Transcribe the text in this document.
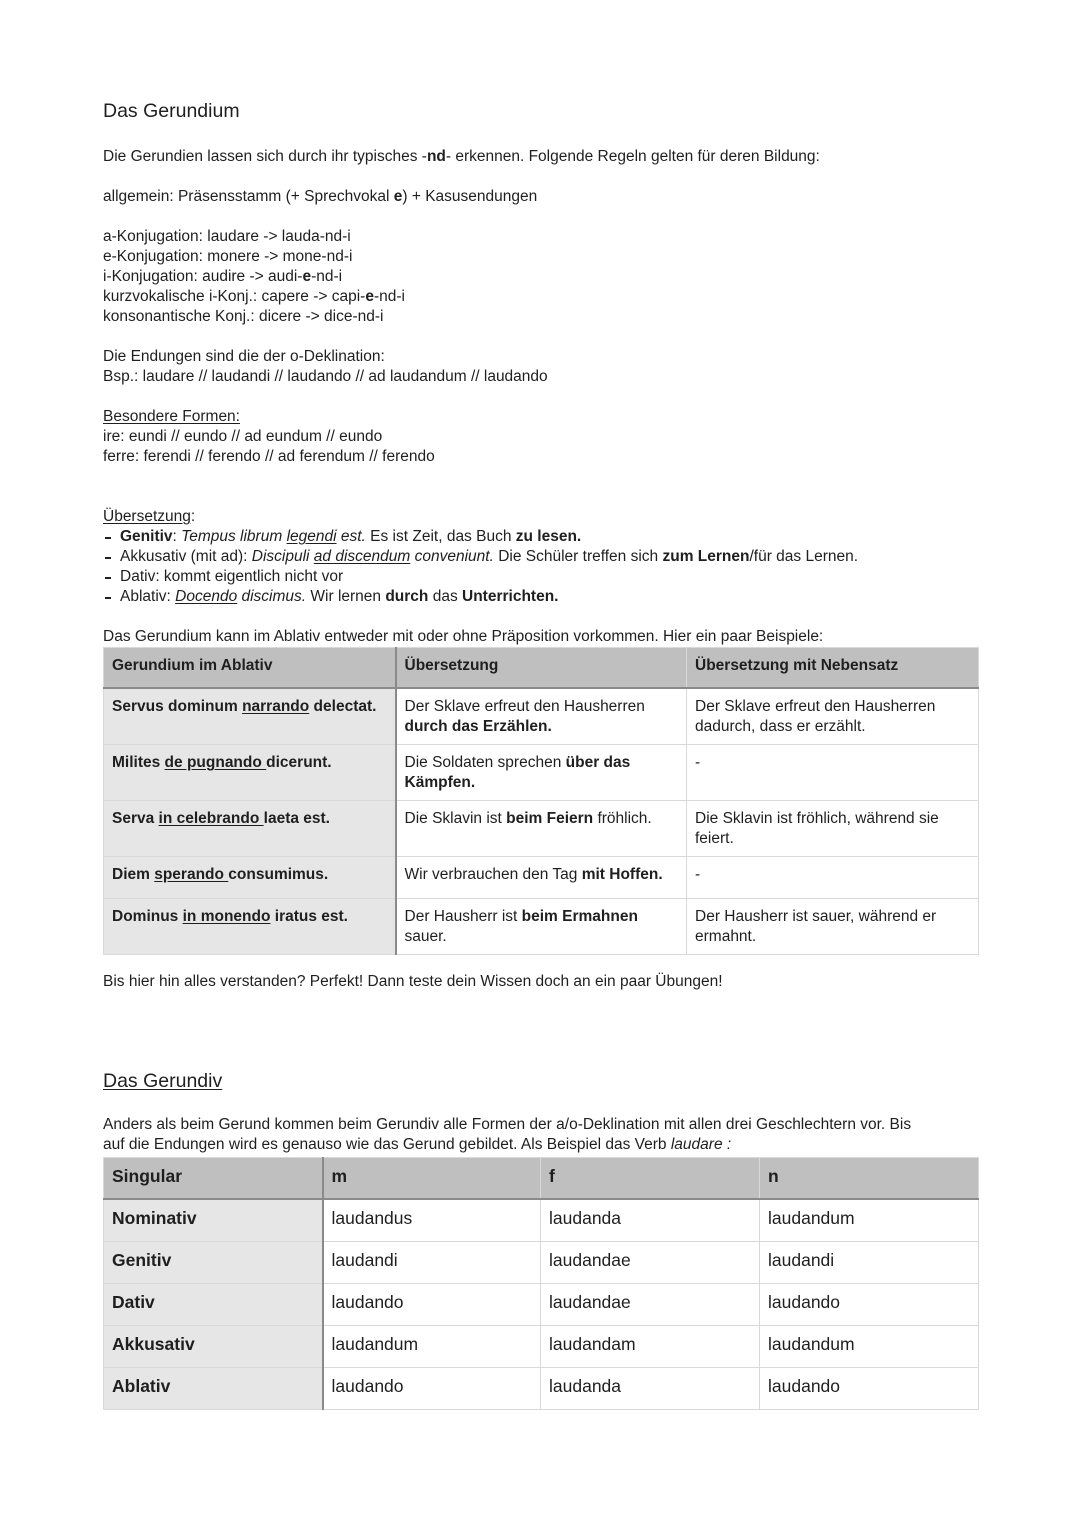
Das Gerundium
Die Gerundien lassen sich durch ihr typisches -nd- erkennen. Folgende Regeln gelten für deren Bildung:
allgemein: Präsensstamm (+ Sprechvokal e) + Kasusendungen
a-Konjugation: laudare -> lauda-nd-i
e-Konjugation: monere -> mone-nd-i
i-Konjugation: audire -> audi-e-nd-i
kurzvokalische i-Konj.: capere -> capi-e-nd-i
konsonantische Konj.: dicere -> dice-nd-i
Die Endungen sind die der o-Deklination:
Bsp.: laudare // laudandi // laudando // ad laudandum // laudando
Besondere Formen:
ire: eundi // eundo // ad eundum // eundo
ferre: ferendi // ferendo // ad ferendum // ferendo
Übersetzung:
Genitiv: Tempus librum legendi est. Es ist Zeit, das Buch zu lesen.
Akkusativ (mit ad): Discipuli ad discendum conveniunt. Die Schüler treffen sich zum Lernen/für das Lernen.
Dativ: kommt eigentlich nicht vor
Ablativ: Docendo discimus. Wir lernen durch das Unterrichten.
Das Gerundium kann im Ablativ entweder mit oder ohne Präposition vorkommen. Hier ein paar Beispiele:
Gerundium im Ablativ	Übersetzung	Übersetzung mit Nebensatz
Servus dominum narrando delectat.	Der Sklave erfreut den Hausherren durch das Erzählen.	Der Sklave erfreut den Hausherren dadurch, dass er erzählt.
Milites de pugnando dicerunt.	Die Soldaten sprechen über das Kämpfen.	-
Serva in celebrando laeta est.	Die Sklavin ist beim Feiern fröhlich.	Die Sklavin ist fröhlich, während sie feiert.
Diem sperando consumimus.	Wir verbrauchen den Tag mit Hoffen.	-
Dominus in monendo iratus est.	Der Hausherr ist beim Ermahnen sauer.	Der Hausherr ist sauer, während er ermahnt.
Bis hier hin alles verstanden? Perfekt! Dann teste dein Wissen doch an ein paar Übungen!
Das Gerundiv
Anders als beim Gerund kommen beim Gerundiv alle Formen der a/o-Deklination mit allen drei Geschlechtern vor. Bis
auf die Endungen wird es genauso wie das Gerund gebildet. Als Beispiel das Verb laudare :
Singular	m	f	n
Nominativ	laudandus	laudanda	laudandum
Genitiv	laudandi	laudandae	laudandi
Dativ	laudando	laudandae	laudando
Akkusativ	laudandum	laudandam	laudandum
Ablativ	laudando	laudanda	laudando
